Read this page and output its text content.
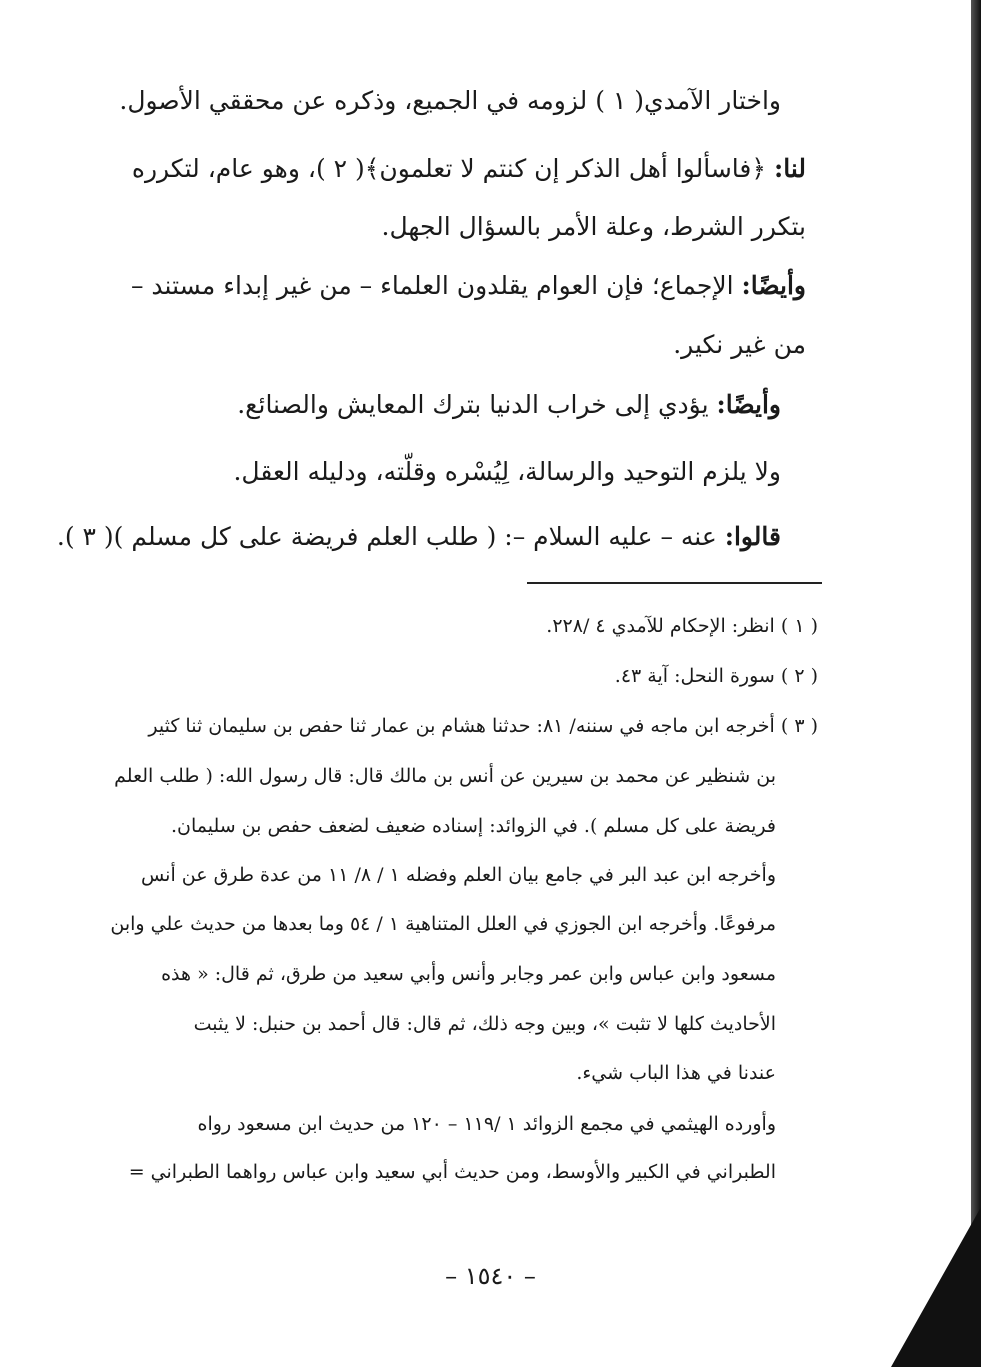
واختار الآمدي( ١ ) لزومه في الجميع، وذكره عن محققي الأصول.
لنا: ﴿فاسألوا أهل الذكر إن كنتم لا تعلمون﴾( ٢ )، وهو عام، لتكرره
بتكرر الشرط، وعلة الأمر بالسؤال الجهل.
وأيضًا: الإجماع؛ فإن العوام يقلدون العلماء – من غير إبداء مستند –
من غير نكير.
وأيضًا: يؤدي إلى خراب الدنيا بترك المعايش والصنائع.
ولا يلزم التوحيد والرسالة، لِيُسْره وقلّته، ودليله العقل.
قالوا: عنه – عليه السلام –: ( طلب العلم فريضة على كل مسلم )( ٣ ).
( ١ ) انظر: الإحكام للآمدي ٤ /٢٢٨.
( ٢ ) سورة النحل: آية ٤٣.
( ٣ ) أخرجه ابن ماجه في سننه/ ٨١: حدثنا هشام بن عمار ثنا حفص بن سليمان ثنا كثير
بن شنظير عن محمد بن سيرين عن أنس بن مالك قال: قال رسول الله: ( طلب العلم
فريضة على كل مسلم ). في الزوائد: إسناده ضعيف لضعف حفص بن سليمان.
وأخرجه ابن عبد البر في جامع بيان العلم وفضله ١ / ٨/ ١١ من عدة طرق عن أنس
مرفوعًا. وأخرجه ابن الجوزي في العلل المتناهية ١ / ٥٤ وما بعدها من حديث علي وابن
مسعود وابن عباس وابن عمر وجابر وأنس وأبي سعيد من طرق، ثم قال: « هذه
الأحاديث كلها لا تثبت »، وبين وجه ذلك، ثم قال: قال أحمد بن حنبل: لا يثبت
عندنا في هذا الباب شيء.
وأورده الهيثمي في مجمع الزوائد ١ /١١٩ – ١٢٠ من حديث ابن مسعود رواه
الطبراني في الكبير والأوسط، ومن حديث أبي سعيد وابن عباس رواهما الطبراني =
– ١٥٤٠ –
